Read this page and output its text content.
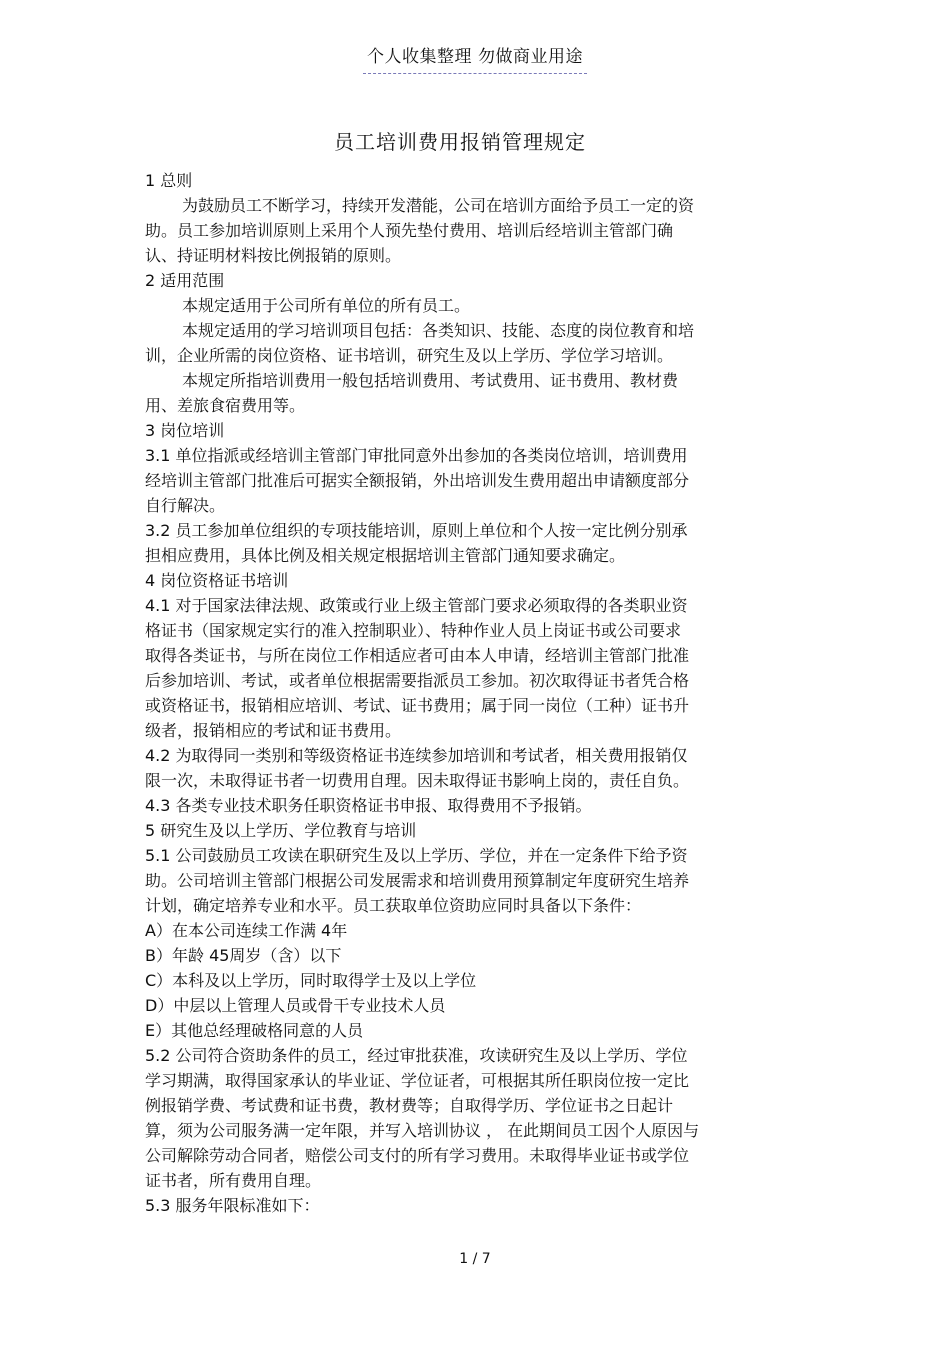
个人收集整理 勿做商业用途
员工培训费用报销管理规定
1 总则
为鼓励员工不断学习，持续开发潜能，公司在培训方面给予员工一定的资
助。员工参加培训原则上采用个人预先垫付费用、培训后经培训主管部门确
认、持证明材料按比例报销的原则。
2 适用范围
本规定适用于公司所有单位的所有员工。
本规定适用的学习培训项目包括：各类知识、技能、态度的岗位教育和培
训，企业所需的岗位资格、证书培训，研究生及以上学历、学位学习培训。
本规定所指培训费用一般包括培训费用、考试费用、证书费用、教材费
用、差旅食宿费用等。
3 岗位培训
3.1 单位指派或经培训主管部门审批同意外出参加的各类岗位培训，培训费用
经培训主管部门批准后可据实全额报销，外出培训发生费用超出申请额度部分
自行解决。
3.2 员工参加单位组织的专项技能培训，原则上单位和个人按一定比例分别承
担相应费用，具体比例及相关规定根据培训主管部门通知要求确定。
4 岗位资格证书培训
4.1 对于国家法律法规、政策或行业上级主管部门要求必须取得的各类职业资
格证书（国家规定实行的准入控制职业）、特种作业人员上岗证书或公司要求
取得各类证书，与所在岗位工作相适应者可由本人申请，经培训主管部门批准
后参加培训、考试，或者单位根据需要指派员工参加。初次取得证书者凭合格
或资格证书，报销相应培训、考试、证书费用；属于同一岗位（工种）证书升
级者，报销相应的考试和证书费用。
4.2 为取得同一类别和等级资格证书连续参加培训和考试者，相关费用报销仅
限一次，未取得证书者一切费用自理。因未取得证书影响上岗的，责任自负。
4.3 各类专业技术职务任职资格证书申报、取得费用不予报销。
5 研究生及以上学历、学位教育与培训
5.1 公司鼓励员工攻读在职研究生及以上学历、学位，并在一定条件下给予资
助。公司培训主管部门根据公司发展需求和培训费用预算制定年度研究生培养
计划，确定培养专业和水平。员工获取单位资助应同时具备以下条件：
A）在本公司连续工作满 4年
B）年龄 45周岁（含）以下
C）本科及以上学历，同时取得学士及以上学位
D）中层以上管理人员或骨干专业技术人员
E）其他总经理破格同意的人员
5.2 公司符合资助条件的员工，经过审批获准，攻读研究生及以上学历、学位
学习期满，取得国家承认的毕业证、学位证者，可根据其所任职岗位按一定比
例报销学费、考试费和证书费，教材费等；自取得学历、学位证书之日起计
算，须为公司服务满一定年限，并写入培训协议 ， 在此期间员工因个人原因与
公司解除劳动合同者，赔偿公司支付的所有学习费用。未取得毕业证书或学位
证书者，所有费用自理。
5.3 服务年限标准如下：
1 / 7
